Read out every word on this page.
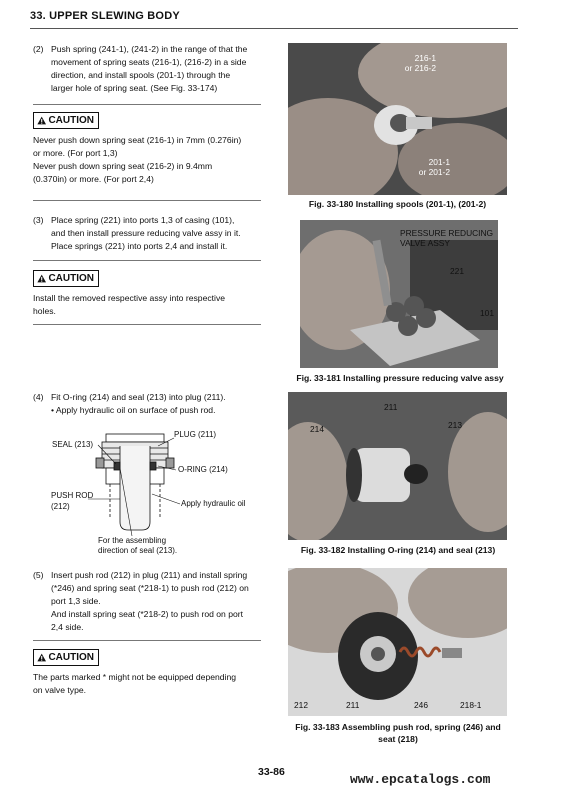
33. UPPER SLEWING BODY
(2) Push spring (241-1), (241-2) in the range of that the
movement of spring seats (216-1), (216-2) in a side
direction, and install spools (201-1) through the
larger hole of spring seat. (See Fig. 33-174)
CAUTION
Never push down spring seat (216-1) in 7mm (0.276in)
or more. (For port 1,3)
Never push down spring seat (216-2) in 9.4mm
(0.370in) or more. (For port 2,4)
(3) Place spring (221) into ports 1,3 of casing (101),
and then install pressure reducing valve assy in it.
Place springs (221) into ports 2,4 and install it.
CAUTION
Install the removed respective assy into respective
holes.
(4) Fit O-ring (214) and seal (213) into plug (211).
• Apply hydraulic oil on surface of push rod.
SEAL (213)
PLUG (211)
O-RING (214)
PUSH ROD
(212)	Apply hydraulic oil
For the assembling
direction of seal (213).
(5) Insert push rod (212) in plug (211) and install spring
(*246) and spring seat (*218-1) to push rod (212) on
port 1,3 side.
And install spring seat (*218-2) to push rod on port
2,4 side.
CAUTION
The parts marked * might not be equipped depending
on valve type.
216-1
or 216-2
201-1
or 201-2
Fig. 33-180 Installing spools (201-1), (201-2)
PRESSURE REDUCING
VALVE ASSY
221
101
Fig. 33-181 Installing pressure reducing valve assy
211
214	213
Fig. 33-182 Installing O-ring (214) and seal (213)
212	211	246	218-1
Fig. 33-183 Assembling push rod, spring (246) and
seat (218)
33-86	www.epcatalogs.com
